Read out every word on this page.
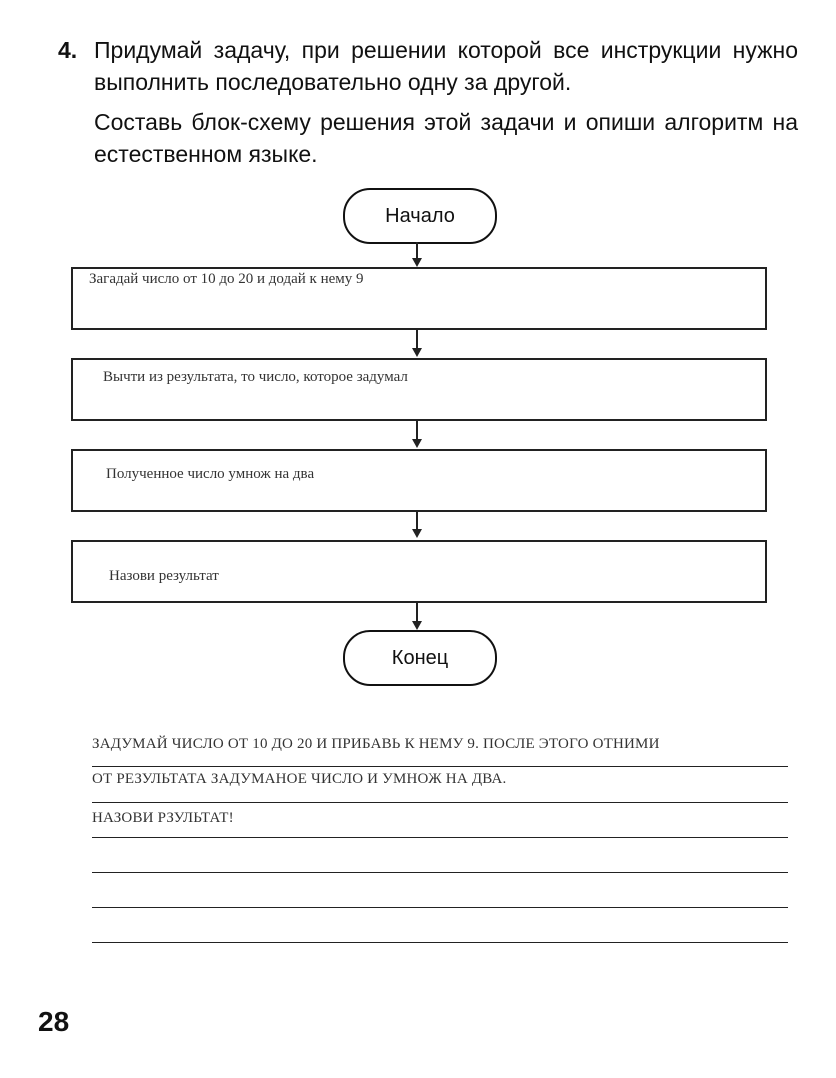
4. Придумай задачу, при решении которой все инструкции нужно выполнить последовательно одну за другой.

Составь блок-схему решения этой задачи и опиши алгоритм на естественном языке.

Начало
Загадай число от 10 до 20 и додай к нему 9
Вычти из результата, то число, которое задумал
Полученное число умнож на два
Назови результат
Конец
ЗАДУМАЙ ЧИСЛО ОТ 10 ДО 20 И ПРИБАВЬ К НЕМУ 9. ПОСЛЕ ЭТОГО ОТНИМИ
ОТ РЕЗУЛЬТАТА ЗАДУМАНОЕ ЧИСЛО И УМНОЖ НА ДВА.
НАЗОВИ РЗУЛЬТАТ!
28
